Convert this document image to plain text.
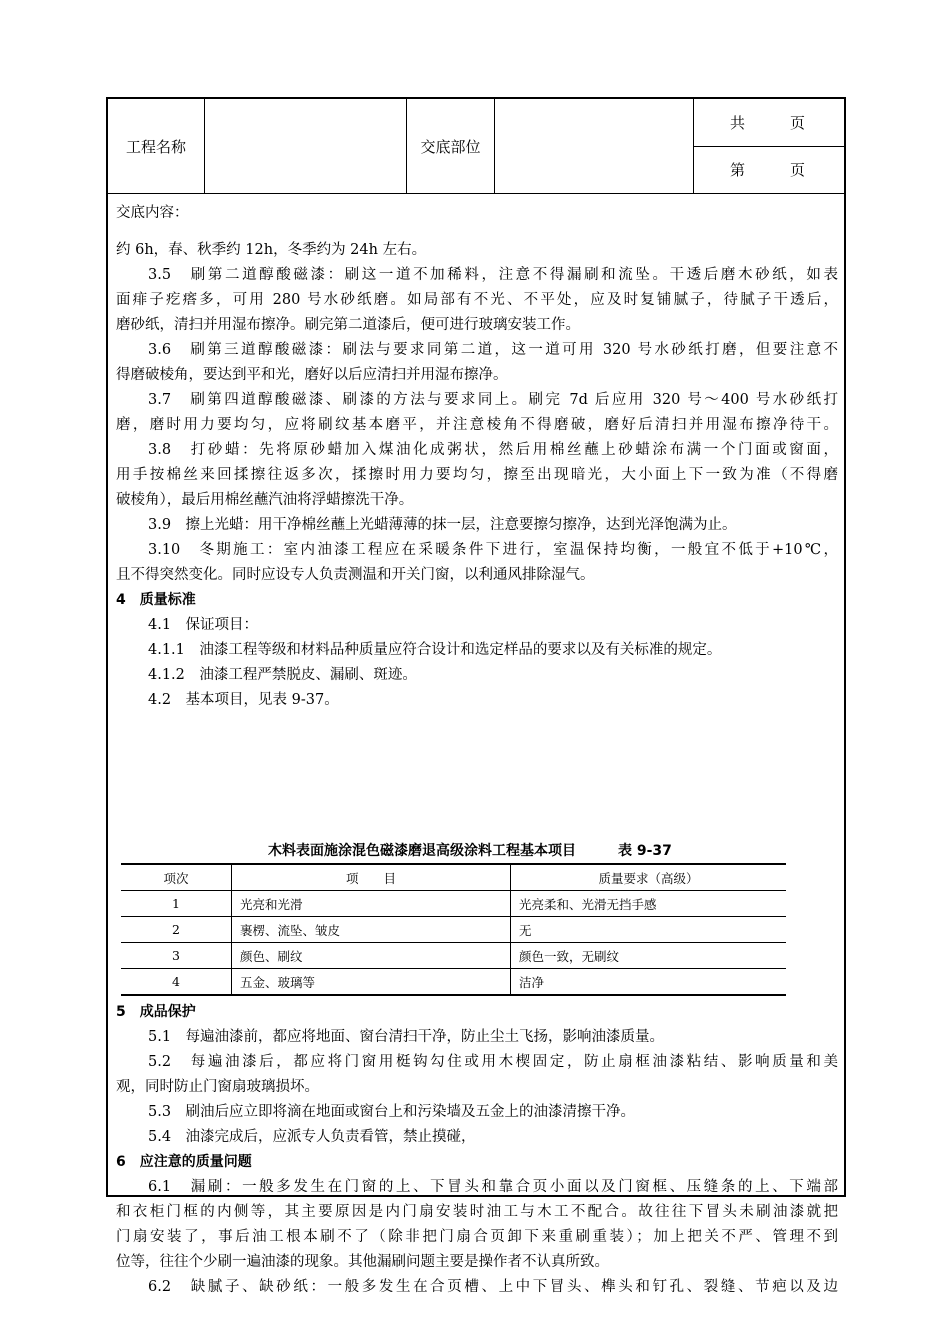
工程名称	交底部位
共　　　页
第　　　页
交底内容：
约 6h，春、秋季约 12h，冬季约为 24h 左右。
3.5　刷第二道醇酸磁漆：刷这一道不加稀料，注意不得漏刷和流坠。干透后磨木砂纸，如表
面痱子疙瘩多，可用 280 号水砂纸磨。如局部有不光、不平处，应及时复铺腻子，待腻子干透后，
磨砂纸，清扫并用湿布擦净。刷完第二道漆后，便可进行玻璃安装工作。
3.6　刷第三道醇酸磁漆：刷法与要求同第二道，这一道可用 320 号水砂纸打磨，但要注意不
得磨破棱角，要达到平和光，磨好以后应清扫并用湿布擦净。
3.7　刷第四道醇酸磁漆、刷漆的方法与要求同上。刷完 7d 后应用 320 号～400 号水砂纸打
磨，磨时用力要均匀，应将刷纹基本磨平，并注意棱角不得磨破，磨好后清扫并用湿布擦净待干。
3.8　打砂蜡：先将原砂蜡加入煤油化成粥状，然后用棉丝蘸上砂蜡涂布满一个门面或窗面，
用手按棉丝来回揉擦往返多次，揉擦时用力要均匀，擦至出现暗光，大小面上下一致为准（不得磨
破棱角），最后用棉丝蘸汽油将浮蜡擦洗干净。
3.9　擦上光蜡：用干净棉丝蘸上光蜡薄薄的抹一层，注意要擦匀擦净，达到光泽饱满为止。
3.10　冬期施工：室内油漆工程应在采暖条件下进行，室温保持均衡，一般宜不低于+10℃，
且不得突然变化。同时应设专人负责测温和开关门窗，以利通风排除湿气。
4　质量标准
4.1　保证项目：
4.1.1　油漆工程等级和材料品种质量应符合设计和选定样品的要求以及有关标准的规定。
4.1.2　油漆工程严禁脱皮、漏刷、斑迹。
4.2　基本项目，见表 9-37。
木料表面施涂混色磁漆磨退高级涂料工程基本项目　　　表 9-37
项次	项　　目	质量要求（高级）
1	光亮和光滑	光亮柔和、光滑无挡手感
2	裹楞、流坠、皱皮	无
3	颜色、刷纹	颜色一致，无刷纹
4	五金、玻璃等	洁净
5　成品保护
5.1　每遍油漆前，都应将地面、窗台清扫干净，防止尘土飞扬，影响油漆质量。
5.2　每遍油漆后，都应将门窗用梃钩勾住或用木楔固定，防止扇框油漆粘结、影响质量和美
观，同时防止门窗扇玻璃损坏。
5.3　刷油后应立即将滴在地面或窗台上和污染墙及五金上的油漆清擦干净。
5.4　油漆完成后，应派专人负责看管，禁止摸碰，
6　应注意的质量问题
6.1　漏刷：一般多发生在门窗的上、下冒头和靠合页小面以及门窗框、压缝条的上、下端部
和衣柜门框的内侧等，其主要原因是内门扇安装时油工与木工不配合。故往往下冒头未刷油漆就把
门扇安装了，事后油工根本刷不了（除非把门扇合页卸下来重刷重装）；加上把关不严、管理不到
位等，往往个少刷一遍油漆的现象。其他漏刷问题主要是操作者不认真所致。
6.2　缺腻子、缺砂纸：一般多发生在合页槽、上中下冒头、榫头和钉孔、裂缝、节疤以及边
